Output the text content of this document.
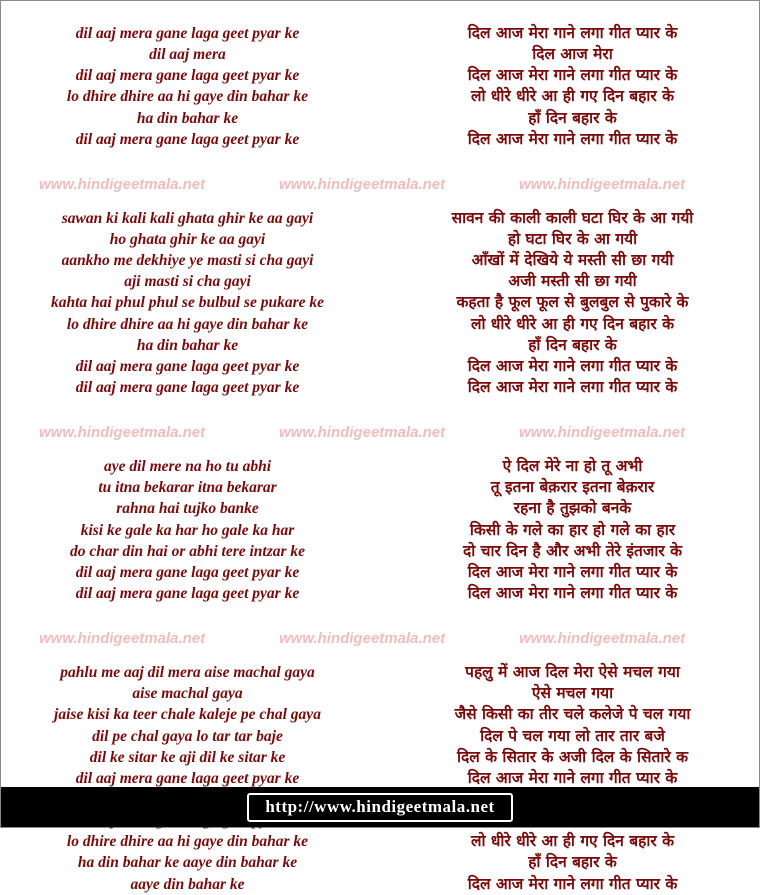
dil aaj mera gane laga geet pyar ke	दिल आज मेरा गाने लगा गीत प्यार के
dil aaj mera	दिल आज मेरा
dil aaj mera gane laga geet pyar ke	दिल आज मेरा गाने लगा गीत प्यार के
lo dhire dhire aa hi gaye din bahar ke	लो धीरे धीरे आ ही गए दिन बहार के
ha din bahar ke	हाँ दिन बहार के
dil aaj mera gane laga geet pyar ke	दिल आज मेरा गाने लगा गीत प्यार के
www.hindigeetmala.net	www.hindigeetmala.net	www.hindigeetmala.net
sawan ki kali kali ghata ghir ke aa gayi	सावन की काली काली घटा घिर के आ गयी
ho ghata ghir ke aa gayi	हो घटा घिर के आ गयी
aankho me dekhiye ye masti si cha gayi	आँखों में देखिये ये मस्ती सी छा गयी
aji masti si cha gayi	अजी मस्ती सी छा गयी
kahta hai phul phul se bulbul se pukare ke	कहता है फूल फूल से बुलबुल से पुकारे के
lo dhire dhire aa hi gaye din bahar ke	लो धीरे धीरे आ ही गए दिन बहार के
ha din bahar ke	हाँ दिन बहार के
dil aaj mera gane laga geet pyar ke	दिल आज मेरा गाने लगा गीत प्यार के
dil aaj mera gane laga geet pyar ke	दिल आज मेरा गाने लगा गीत प्यार के
www.hindigeetmala.net	www.hindigeetmala.net	www.hindigeetmala.net
aye dil mere na ho tu abhi	ऐ दिल मेरे ना हो तू अभी
tu itna bekarar itna bekarar	तू इतना बेक़रार इतना बेक़रार
rahna hai tujko banke	रहना है तुझको बनके
kisi ke gale ka har ho gale ka har	किसी के गले का हार हो गले का हार
do char din hai or abhi tere intzar ke	दो चार दिन है और अभी तेरे इंतजार के
dil aaj mera gane laga geet pyar ke	दिल आज मेरा गाने लगा गीत प्यार के
dil aaj mera gane laga geet pyar ke	दिल आज मेरा गाने लगा गीत प्यार के
www.hindigeetmala.net	www.hindigeetmala.net	www.hindigeetmala.net
pahlu me aaj dil mera aise machal gaya	पहलु में आज दिल मेरा ऐसे मचल गया
aise machal gaya	ऐसे मचल गया
jaise kisi ka teer chale kaleje pe chal gaya	जैसे किसी का तीर चले कलेजे पे चल गया
dil pe chal gaya lo tar tar baje	दिल पे चल गया लो तार तार बजे
dil ke sitar ke aji dil ke sitar ke	दिल के सितार के अजी दिल के सितारे क
dil aaj mera gane laga geet pyar ke	दिल आज मेरा गाने लगा गीत प्यार के
lo dhire dhire aa hi gaye din bahar ke	लो धीरे धीरे आ ही गए दिन बहार के
ha din bahar ke aaye din bahar ke	हाँ दिन बहार के
aaye din bahar ke	दिल आज मेरा गाने लगा गीत प्यार के
http://www.hindigeetmala.net
